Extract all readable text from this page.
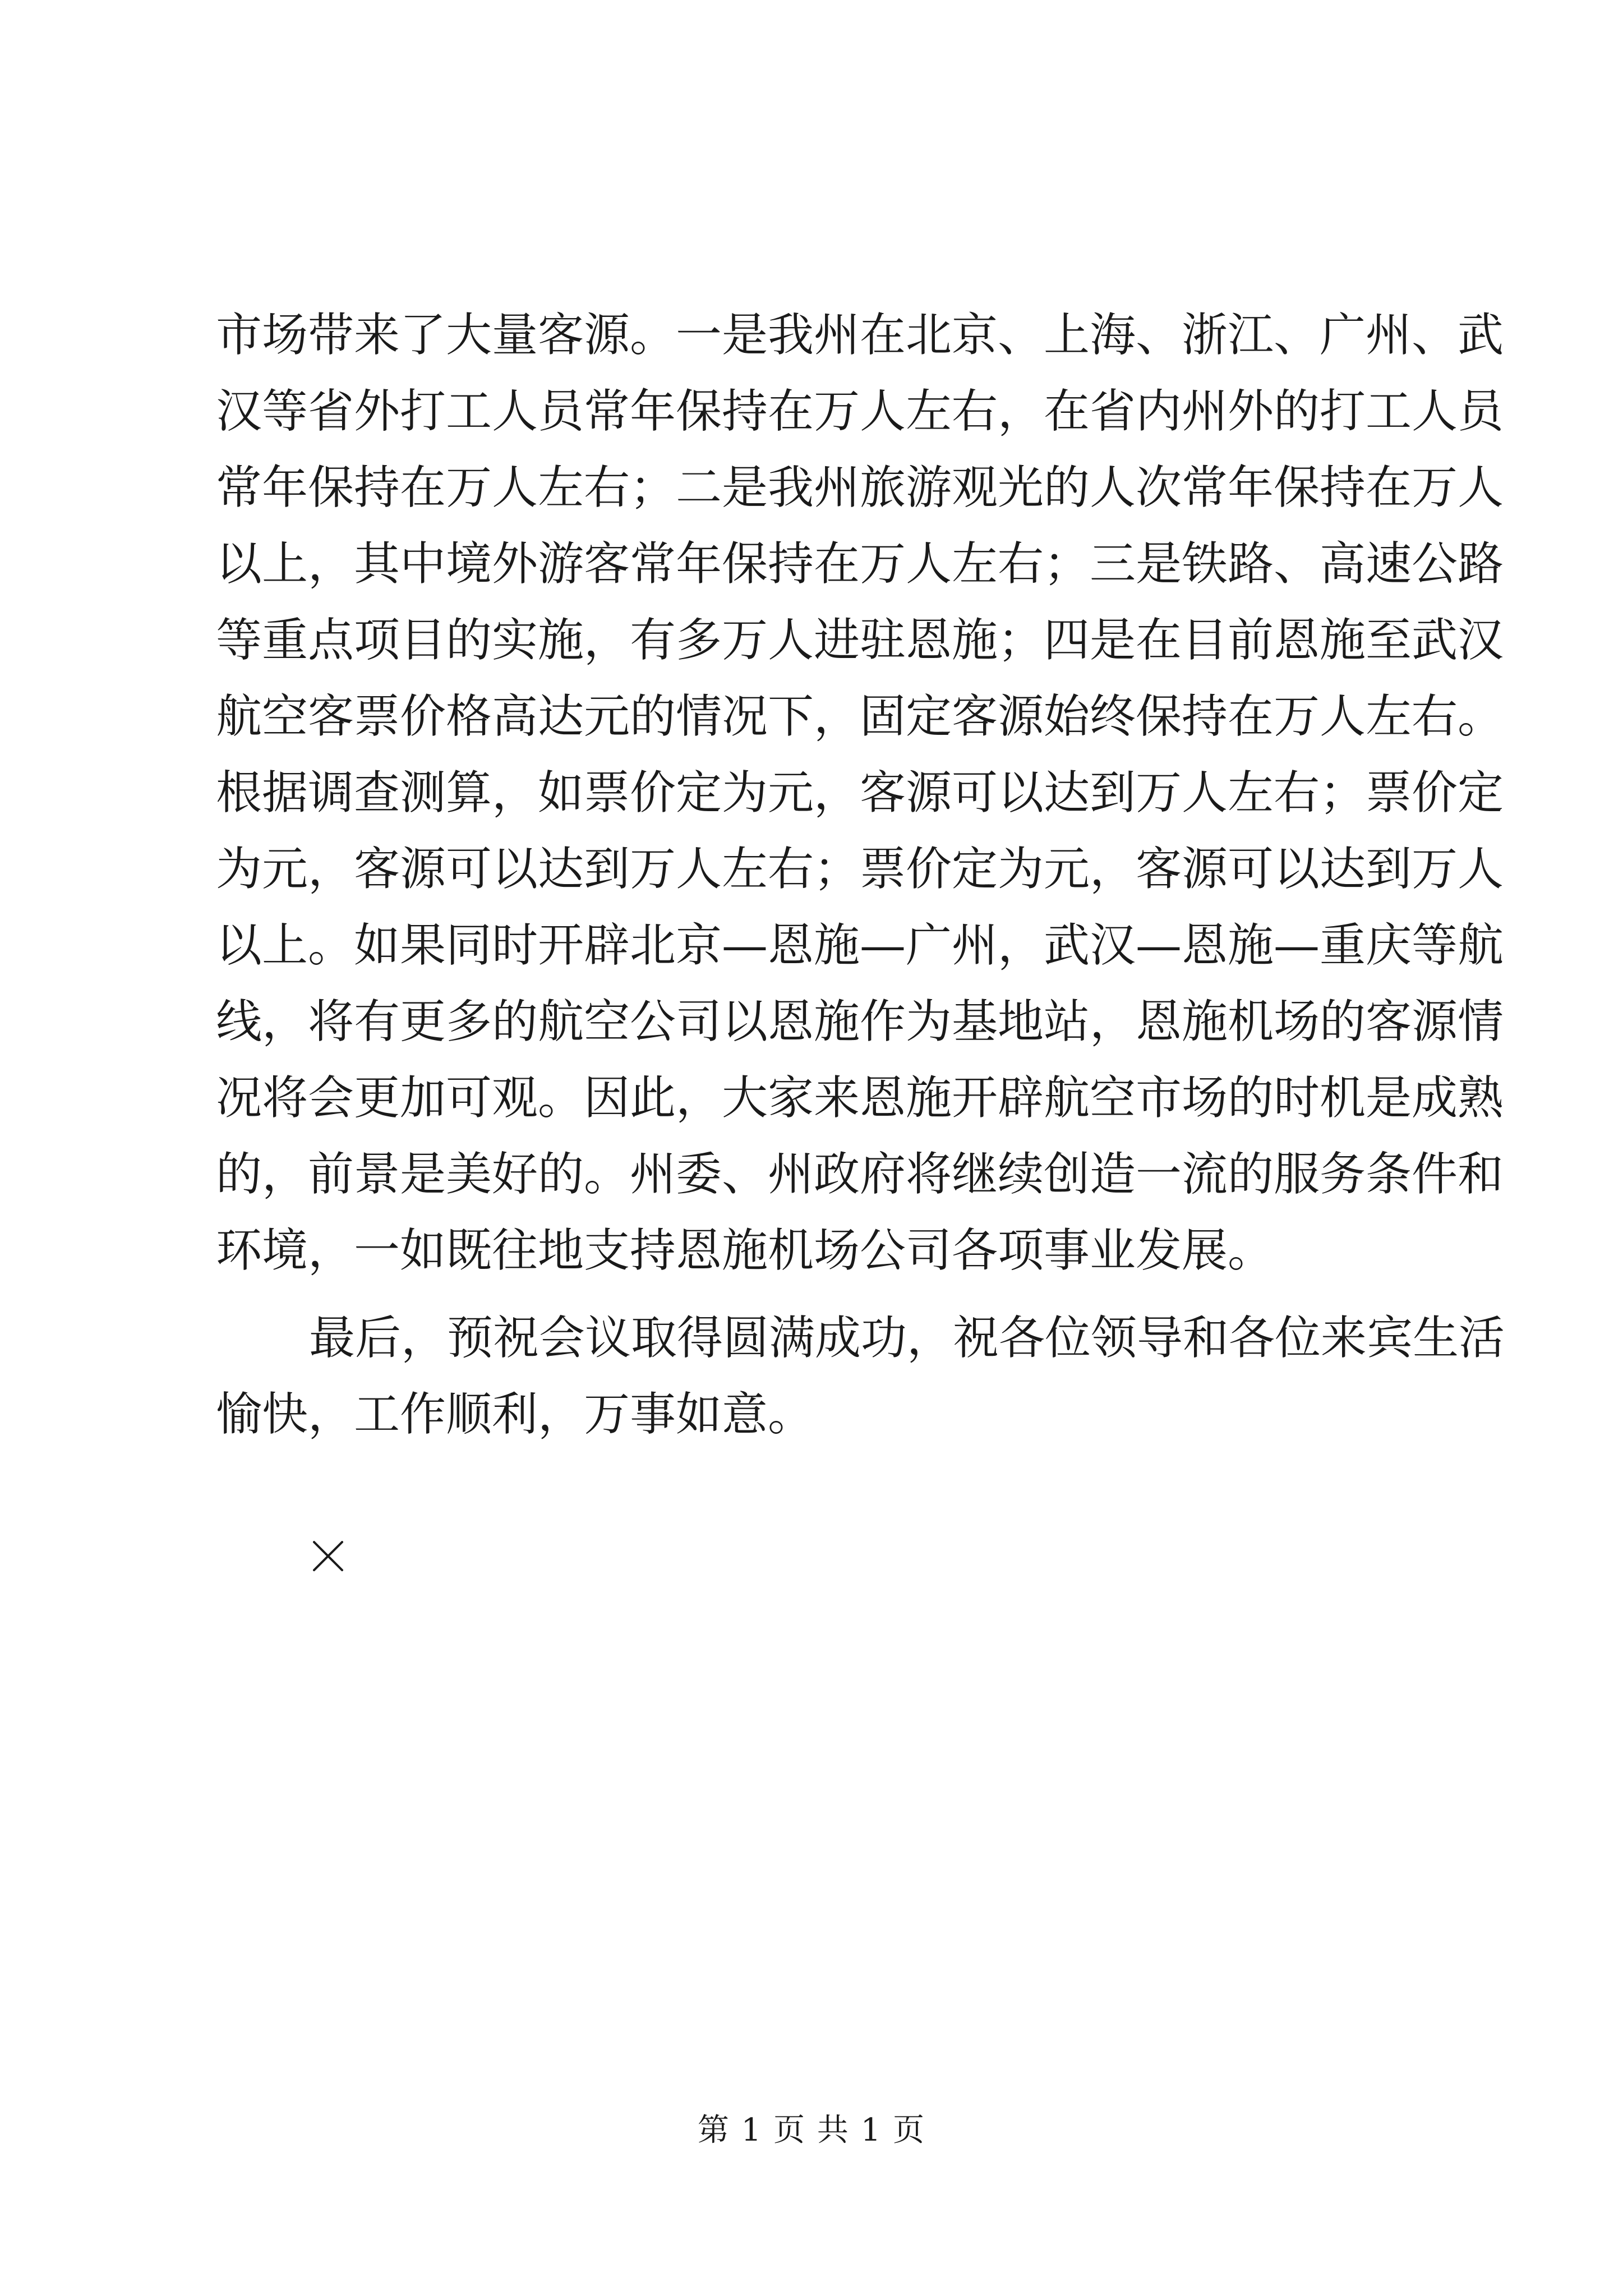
市场带来了大量客源。一是我州在北京、上海、浙江、广州、武
汉等省外打工人员常年保持在万人左右，在省内州外的打工人员
常年保持在万人左右；二是我州旅游观光的人次常年保持在万人
以上，其中境外游客常年保持在万人左右；三是铁路、高速公路
等重点项目的实施，有多万人进驻恩施；四是在目前恩施至武汉
航空客票价格高达元的情况下，固定客源始终保持在万人左右。
根据调查测算，如票价定为元，客源可以达到万人左右；票价定
为元，客源可以达到万人左右；票价定为元，客源可以达到万人
以上。如果同时开辟北京—恩施—广州，武汉—恩施—重庆等航
线，将有更多的航空公司以恩施作为基地站，恩施机场的客源情
况将会更加可观。因此，大家来恩施开辟航空市场的时机是成熟
的，前景是美好的。州委、州政府将继续创造一流的服务条件和
环境，一如既往地支持恩施机场公司各项事业发展。
最后，预祝会议取得圆满成功，祝各位领导和各位来宾生活
愉快，工作顺利，万事如意。
第 1 页 共 1 页
